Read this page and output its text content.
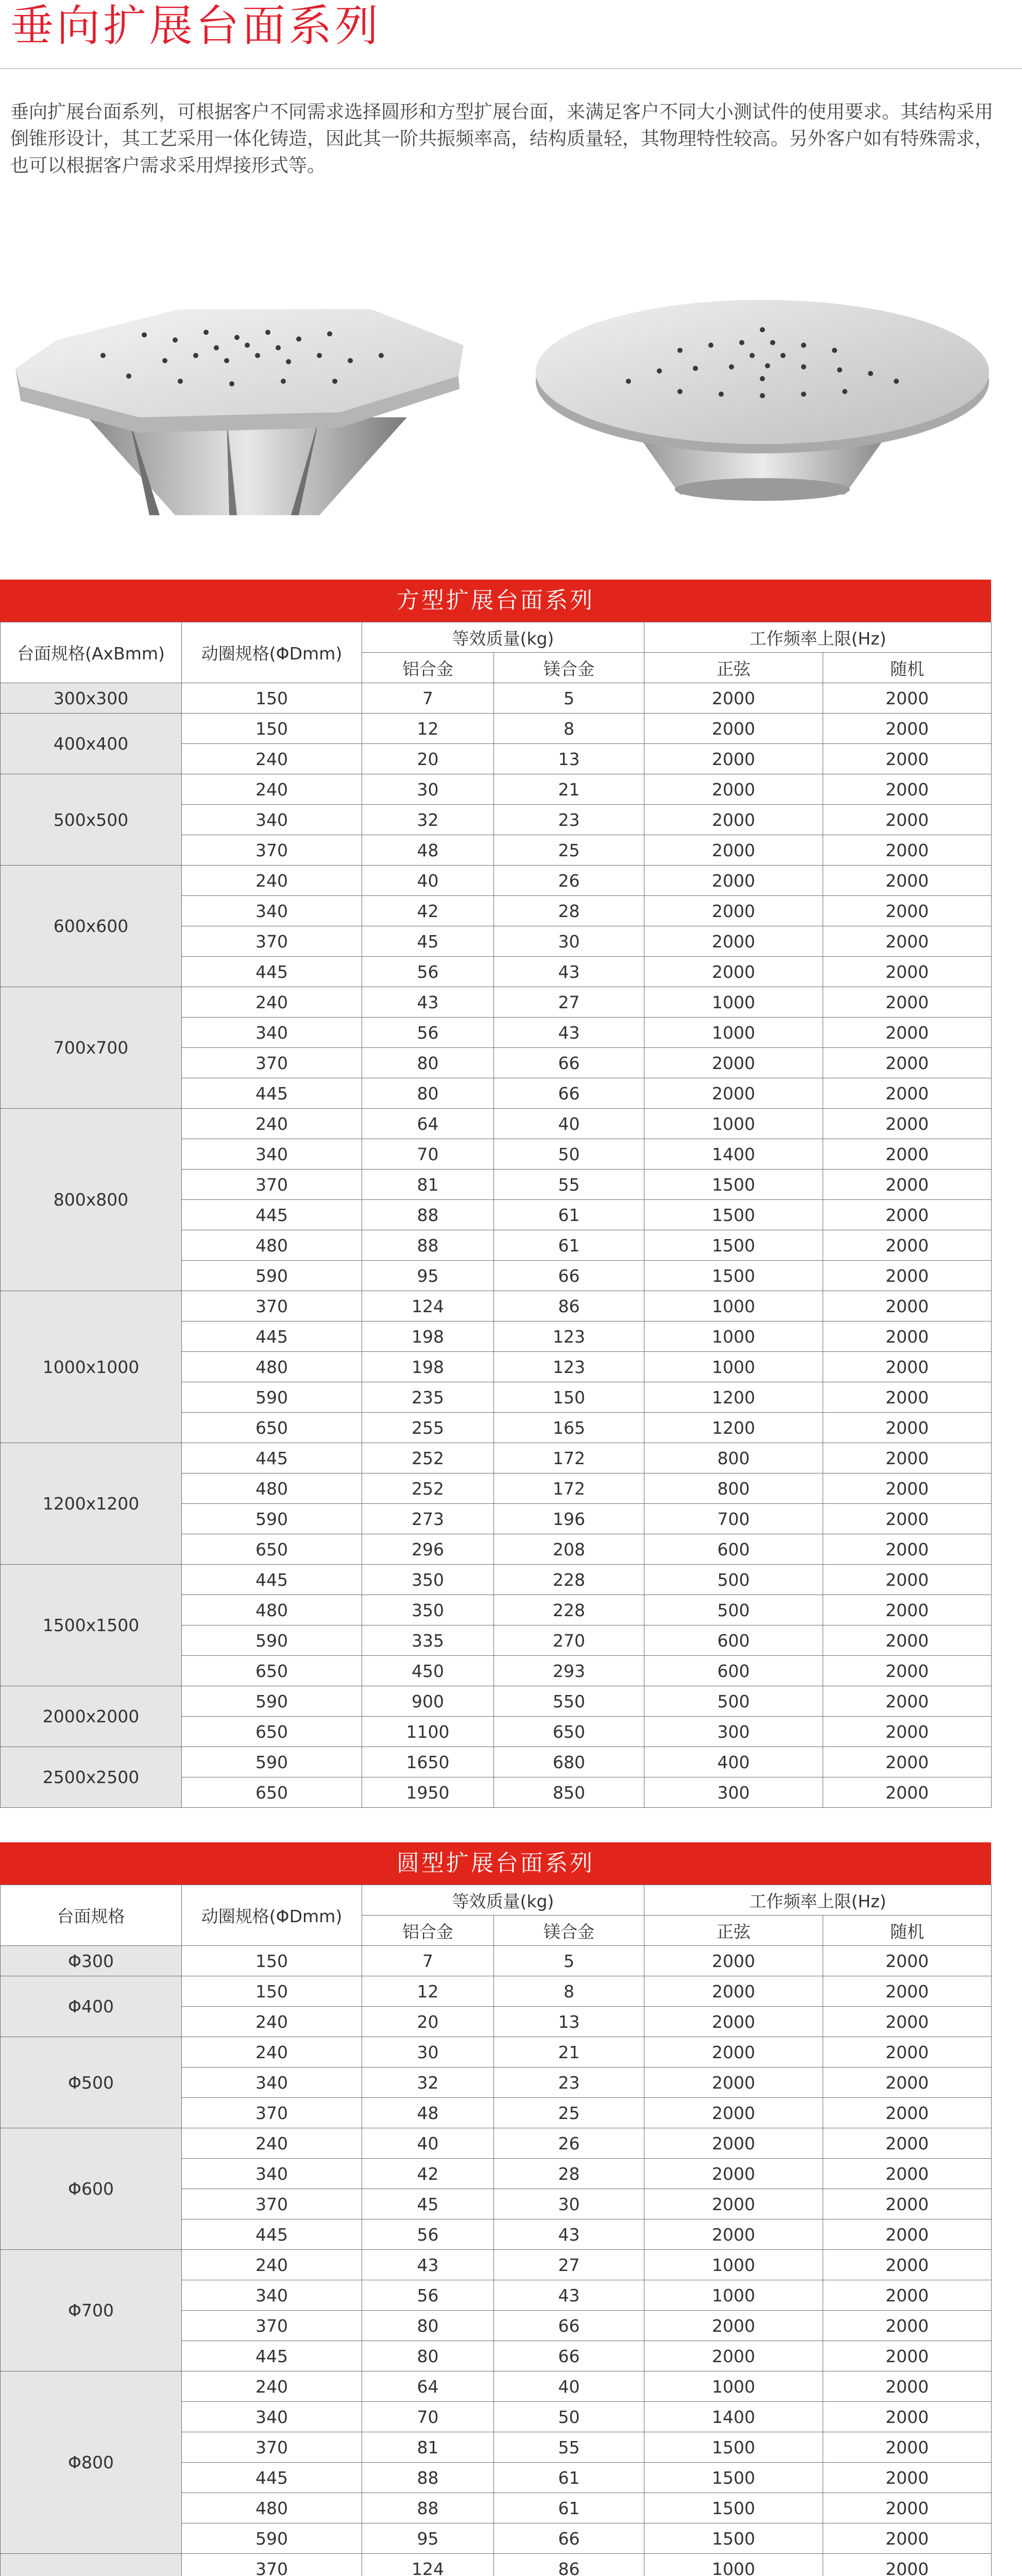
垂向扩展台面系列

垂向扩展台面系列，可根据客户不同需求选择圆形和方型扩展台面，来满足客户不同大小测试件的使用要求。其结构采用倒锥形设计，其工艺采用一体化铸造，因此其一阶共振频率高，结构质量轻，其物理特性较高。另外客户如有特殊需求，也可以根据客户需求采用焊接形式等。

方型扩展台面系列
台面规格(AxBmm)	动圈规格(ΦDmm)	等效质量(kg)		工作频率上限(Hz)	
		铝合金	镁合金	正弦	随机
300x300	150	7	5	2000	2000
400x400	150	12	8	2000	2000
	240	20	13	2000	2000
500x500	240	30	21	2000	2000
	340	32	23	2000	2000
	370	48	25	2000	2000
600x600	240	40	26	2000	2000
	340	42	28	2000	2000
	370	45	30	2000	2000
	445	56	43	2000	2000
700x700	240	43	27	1000	2000
	340	56	43	1000	2000
	370	80	66	2000	2000
	445	80	66	2000	2000
800x800	240	64	40	1000	2000
	340	70	50	1400	2000
	370	81	55	1500	2000
	445	88	61	1500	2000
	480	88	61	1500	2000
	590	95	66	1500	2000
1000x1000	370	124	86	1000	2000
	445	198	123	1000	2000
	480	198	123	1000	2000
	590	235	150	1200	2000
	650	255	165	1200	2000
1200x1200	445	252	172	800	2000
	480	252	172	800	2000
	590	273	196	700	2000
	650	296	208	600	2000
1500x1500	445	350	228	500	2000
	480	350	228	500	2000
	590	335	270	600	2000
	650	450	293	600	2000
2000x2000	590	900	550	500	2000
	650	1100	650	300	2000
2500x2500	590	1650	680	400	2000
	650	1950	850	300	2000
圆型扩展台面系列
台面规格	动圈规格(ΦDmm)	等效质量(kg)		工作频率上限(Hz)	
		铝合金	镁合金	正弦	随机
Φ300	150	7	5	2000	2000
Φ400	150	12	8	2000	2000
	240	20	13	2000	2000
Φ500	240	30	21	2000	2000
	340	32	23	2000	2000
	370	48	25	2000	2000
Φ600	240	40	26	2000	2000
	340	42	28	2000	2000
	370	45	30	2000	2000
	445	56	43	2000	2000
Φ700	240	43	27	1000	2000
	340	56	43	1000	2000
	370	80	66	2000	2000
	445	80	66	2000	2000
Φ800	240	64	40	1000	2000
	340	70	50	1400	2000
	370	81	55	1500	2000
	445	88	61	1500	2000
	480	88	61	1500	2000
	590	95	66	1500	2000
	370	124	86	1000	2000
